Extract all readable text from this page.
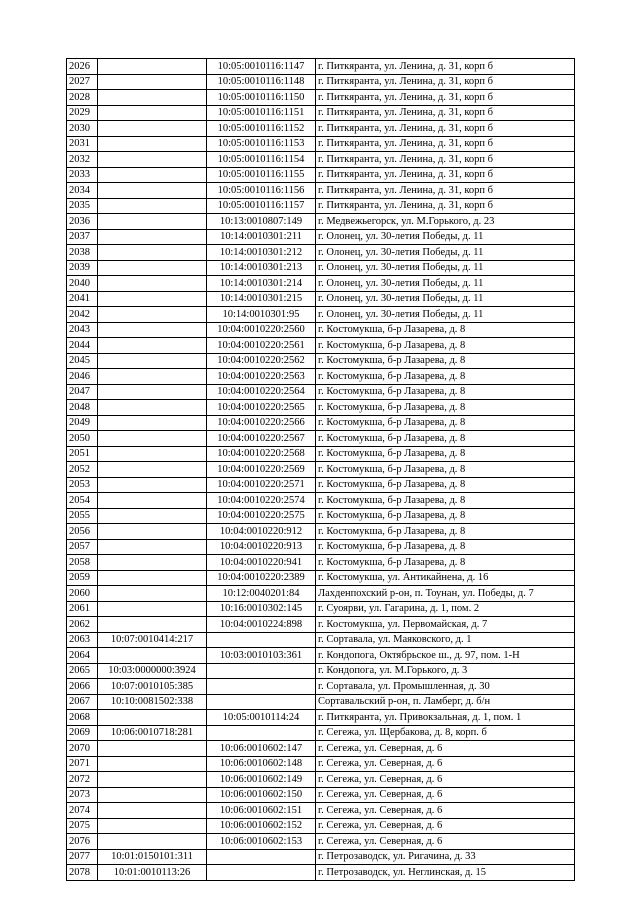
2026		10:05:0010116:1147	г. Питкяранта, ул. Ленина, д. 31, корп б
2027		10:05:0010116:1148	г. Питкяранта, ул. Ленина, д. 31, корп б
2028		10:05:0010116:1150	г. Питкяранта, ул. Ленина, д. 31, корп б
2029		10:05:0010116:1151	г. Питкяранта, ул. Ленина, д. 31, корп б
2030		10:05:0010116:1152	г. Питкяранта, ул. Ленина, д. 31, корп б
2031		10:05:0010116:1153	г. Питкяранта, ул. Ленина, д. 31, корп б
2032		10:05:0010116:1154	г. Питкяранта, ул. Ленина, д. 31, корп б
2033		10:05:0010116:1155	г. Питкяранта, ул. Ленина, д. 31, корп б
2034		10:05:0010116:1156	г. Питкяранта, ул. Ленина, д. 31, корп б
2035		10:05:0010116:1157	г. Питкяранта, ул. Ленина, д. 31, корп б
2036		10:13:0010807:149	г. Медвежьегорск, ул. М.Горького, д. 23
2037		10:14:0010301:211	г. Олонец, ул. 30-летия Победы, д. 11
2038		10:14:0010301:212	г. Олонец, ул. 30-летия Победы, д. 11
2039		10:14:0010301:213	г. Олонец, ул. 30-летия Победы, д. 11
2040		10:14:0010301:214	г. Олонец, ул. 30-летия Победы, д. 11
2041		10:14:0010301:215	г. Олонец, ул. 30-летия Победы, д. 11
2042		10:14:0010301:95	г. Олонец, ул. 30-летия Победы, д. 11
2043		10:04:0010220:2560	г. Костомукша, б-р Лазарева, д. 8
2044		10:04:0010220:2561	г. Костомукша, б-р Лазарева, д. 8
2045		10:04:0010220:2562	г. Костомукша, б-р Лазарева, д. 8
2046		10:04:0010220:2563	г. Костомукша, б-р Лазарева, д. 8
2047		10:04:0010220:2564	г. Костомукша, б-р Лазарева, д. 8
2048		10:04:0010220:2565	г. Костомукша, б-р Лазарева, д. 8
2049		10:04:0010220:2566	г. Костомукша, б-р Лазарева, д. 8
2050		10:04:0010220:2567	г. Костомукша, б-р Лазарева, д. 8
2051		10:04:0010220:2568	г. Костомукша, б-р Лазарева, д. 8
2052		10:04:0010220:2569	г. Костомукша, б-р Лазарева, д. 8
2053		10:04:0010220:2571	г. Костомукша, б-р Лазарева, д. 8
2054		10:04:0010220:2574	г. Костомукша, б-р Лазарева, д. 8
2055		10:04:0010220:2575	г. Костомукша, б-р Лазарева, д. 8
2056		10:04:0010220:912	г. Костомукша, б-р Лазарева, д. 8
2057		10:04:0010220:913	г. Костомукша, б-р Лазарева, д. 8
2058		10:04:0010220:941	г. Костомукша, б-р Лазарева, д. 8
2059		10:04:0010220:2389	г. Костомукша, ул. Антикайнена, д. 16
2060		10:12:0040201:84	Лахденпохский р-он, п. Тоунан, ул. Победы, д. 7
2061		10:16:0010302:145	г. Суоярви, ул. Гагарина, д. 1, пом. 2
2062		10:04:0010224:898	г. Костомукша, ул. Первомайская, д. 7
2063	10:07:0010414:217		г. Сортавала, ул. Маяковского, д. 1
2064		10:03:0010103:361	г. Кондопога, Октябрьское ш., д. 97, пом. 1-Н
2065	10:03:0000000:3924		г. Кондопога, ул. М.Горького, д. 3
2066	10:07:0010105:385		г. Сортавала, ул. Промышленная, д. 30
2067	10:10:0081502:338		Сортавальский р-он, п. Ламберг, д. б/н
2068		10:05:0010114:24	г. Питкяранта, ул. Привокзальная, д. 1, пом. 1
2069	10:06:0010718:281		г. Сегежа, ул. Щербакова, д. 8, корп. б
2070		10:06:0010602:147	г. Сегежа, ул. Северная, д. 6
2071		10:06:0010602:148	г. Сегежа, ул. Северная, д. 6
2072		10:06:0010602:149	г. Сегежа, ул. Северная, д. 6
2073		10:06:0010602:150	г. Сегежа, ул. Северная, д. 6
2074		10:06:0010602:151	г. Сегежа, ул. Северная, д. 6
2075		10:06:0010602:152	г. Сегежа, ул. Северная, д. 6
2076		10:06:0010602:153	г. Сегежа, ул. Северная, д. 6
2077	10:01:0150101:311		г. Петрозаводск, ул. Ригачина, д. 33
2078	10:01:0010113:26		г. Петрозаводск, ул. Неглинская, д. 15
